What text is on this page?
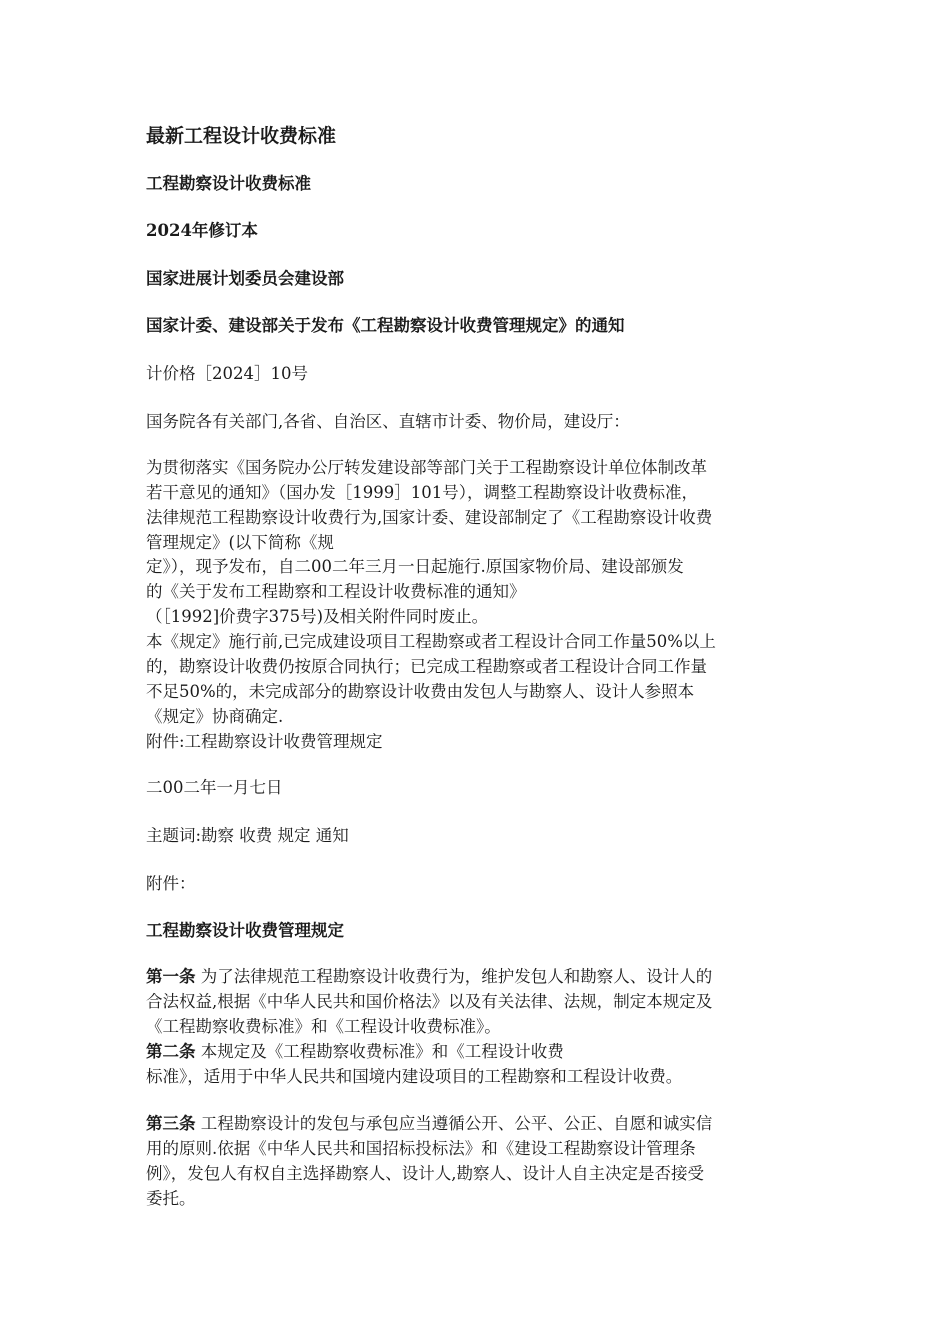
最新工程设计收费标准
工程勘察设计收费标准
2024年修订本
国家进展计划委员会建设部
国家计委、建设部关于发布《工程勘察设计收费管理规定》的通知
计价格［2024］10号
国务院各有关部门,各省、自治区、直辖市计委、物价局，建设厅：
为贯彻落实《国务院办公厅转发建设部等部门关于工程勘察设计单位体制改革
若干意见的通知》（国办发［1999］101号），调整工程勘察设计收费标准，
法律规范工程勘察设计收费行为,国家计委、建设部制定了《工程勘察设计收费
管理规定》(以下简称《规
定》），现予发布，自二00二年三月一日起施行.原国家物价局、建设部颁发
的《关于发布工程勘察和工程设计收费标准的通知》
（［1992]价费字375号)及相关附件同时废止。
本《规定》施行前,已完成建设项目工程勘察或者工程设计合同工作量50%以上
的，勘察设计收费仍按原合同执行；已完成工程勘察或者工程设计合同工作量
不足50%的，未完成部分的勘察设计收费由发包人与勘察人、设计人参照本
《规定》协商确定.
附件:工程勘察设计收费管理规定
二00二年一月七日
主题词:勘察 收费 规定 通知
附件：
工程勘察设计收费管理规定
第一条 为了法律规范工程勘察设计收费行为，维护发包人和勘察人、设计人的
合法权益,根据《中华人民共和国价格法》以及有关法律、法规，制定本规定及
《工程勘察收费标准》和《工程设计收费标准》。
第二条 本规定及《工程勘察收费标准》和《工程设计收费
标准》，适用于中华人民共和国境内建设项目的工程勘察和工程设计收费。
第三条 工程勘察设计的发包与承包应当遵循公开、公平、公正、自愿和诚实信
用的原则.依据《中华人民共和国招标投标法》和《建设工程勘察设计管理条
例》，发包人有权自主选择勘察人、设计人,勘察人、设计人自主决定是否接受
委托。
